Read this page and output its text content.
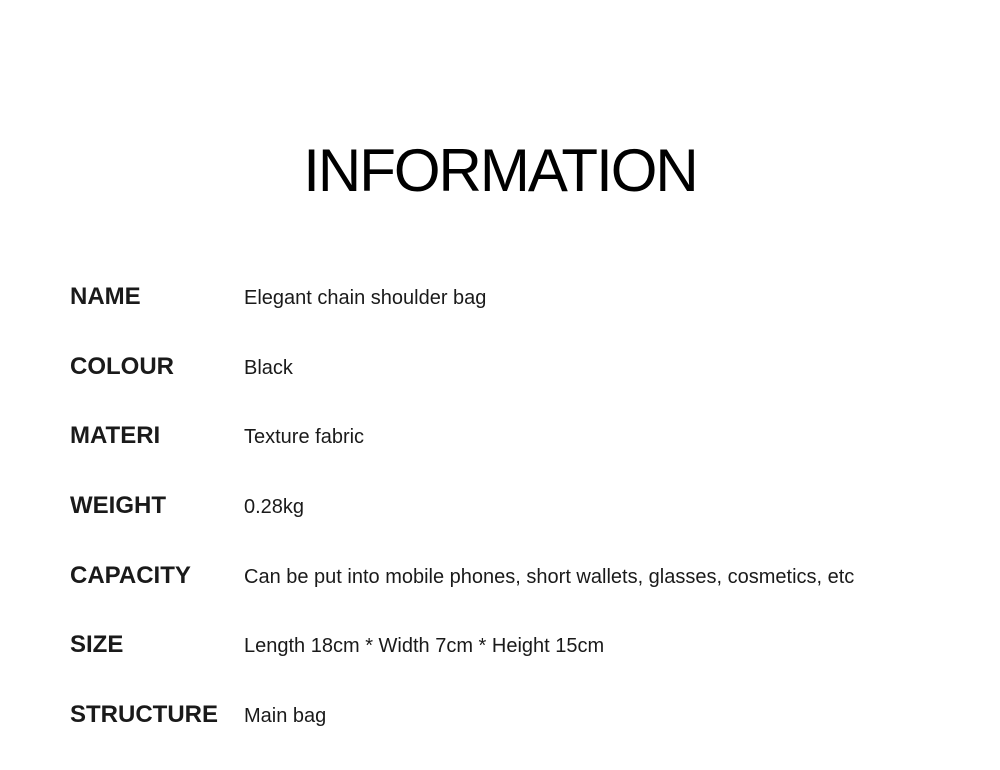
INFORMATION
NAME	Elegant chain shoulder bag
COLOUR	Black
MATERI	Texture fabric
WEIGHT	0.28kg
CAPACITY	Can be put into mobile phones, short wallets, glasses, cosmetics, etc
SIZE	Length 18cm * Width 7cm * Height 15cm
STRUCTURE	Main bag
